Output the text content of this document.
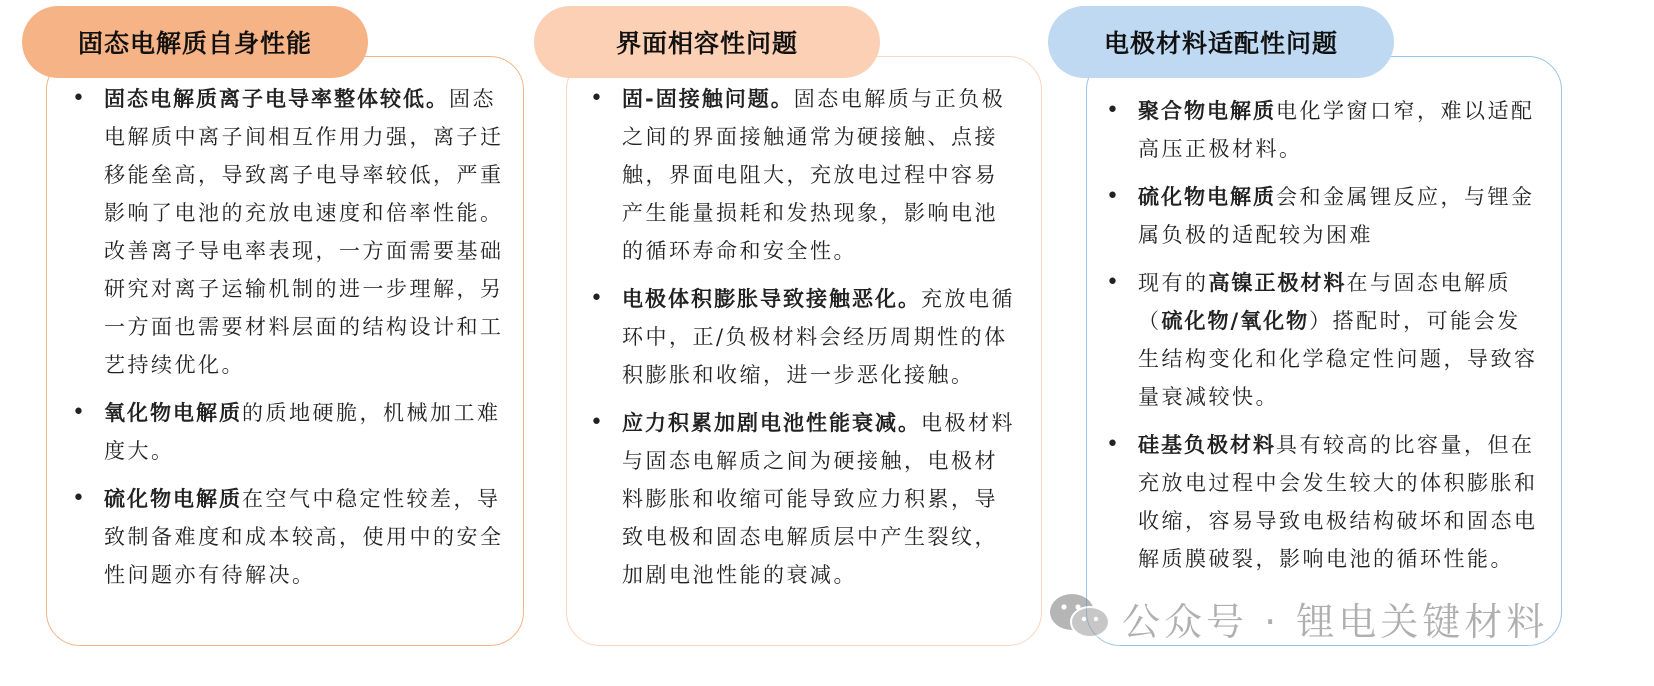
固态电解质自身性能
• 固态电解质离子电导率整体较低。固态电解质中离子间相互作用力强，离子迁移能垒高，导致离子电导率较低，严重影响了电池的充放电速度和倍率性能。改善离子导电率表现，一方面需要基础研究对离子运输机制的进一步理解，另一方面也需要材料层面的结构设计和工艺持续优化。
• 氧化物电解质的质地硬脆，机械加工难度大。
• 硫化物电解质在空气中稳定性较差，导致制备难度和成本较高，使用中的安全性问题亦有待解决。
界面相容性问题
• 固-固接触问题。固态电解质与正负极之间的界面接触通常为硬接触、点接触，界面电阻大，充放电过程中容易产生能量损耗和发热现象，影响电池的循环寿命和安全性。
• 电极体积膨胀导致接触恶化。充放电循环中，正/负极材料会经历周期性的体积膨胀和收缩，进一步恶化接触。
• 应力积累加剧电池性能衰减。电极材料与固态电解质之间为硬接触，电极材料膨胀和收缩可能导致应力积累，导致电极和固态电解质层中产生裂纹，加剧电池性能的衰减。
电极材料适配性问题
• 聚合物电解质电化学窗口窄，难以适配高压正极材料。
• 硫化物电解质会和金属锂反应，与锂金属负极的适配较为困难
• 现有的高镍正极材料在与固态电解质（硫化物/氧化物）搭配时，可能会发生结构变化和化学稳定性问题，导致容量衰减较快。
• 硅基负极材料具有较高的比容量，但在充放电过程中会发生较大的体积膨胀和收缩，容易导致电极结构破坏和固态电解质膜破裂，影响电池的循环性能。
公众号 · 锂电关键材料
